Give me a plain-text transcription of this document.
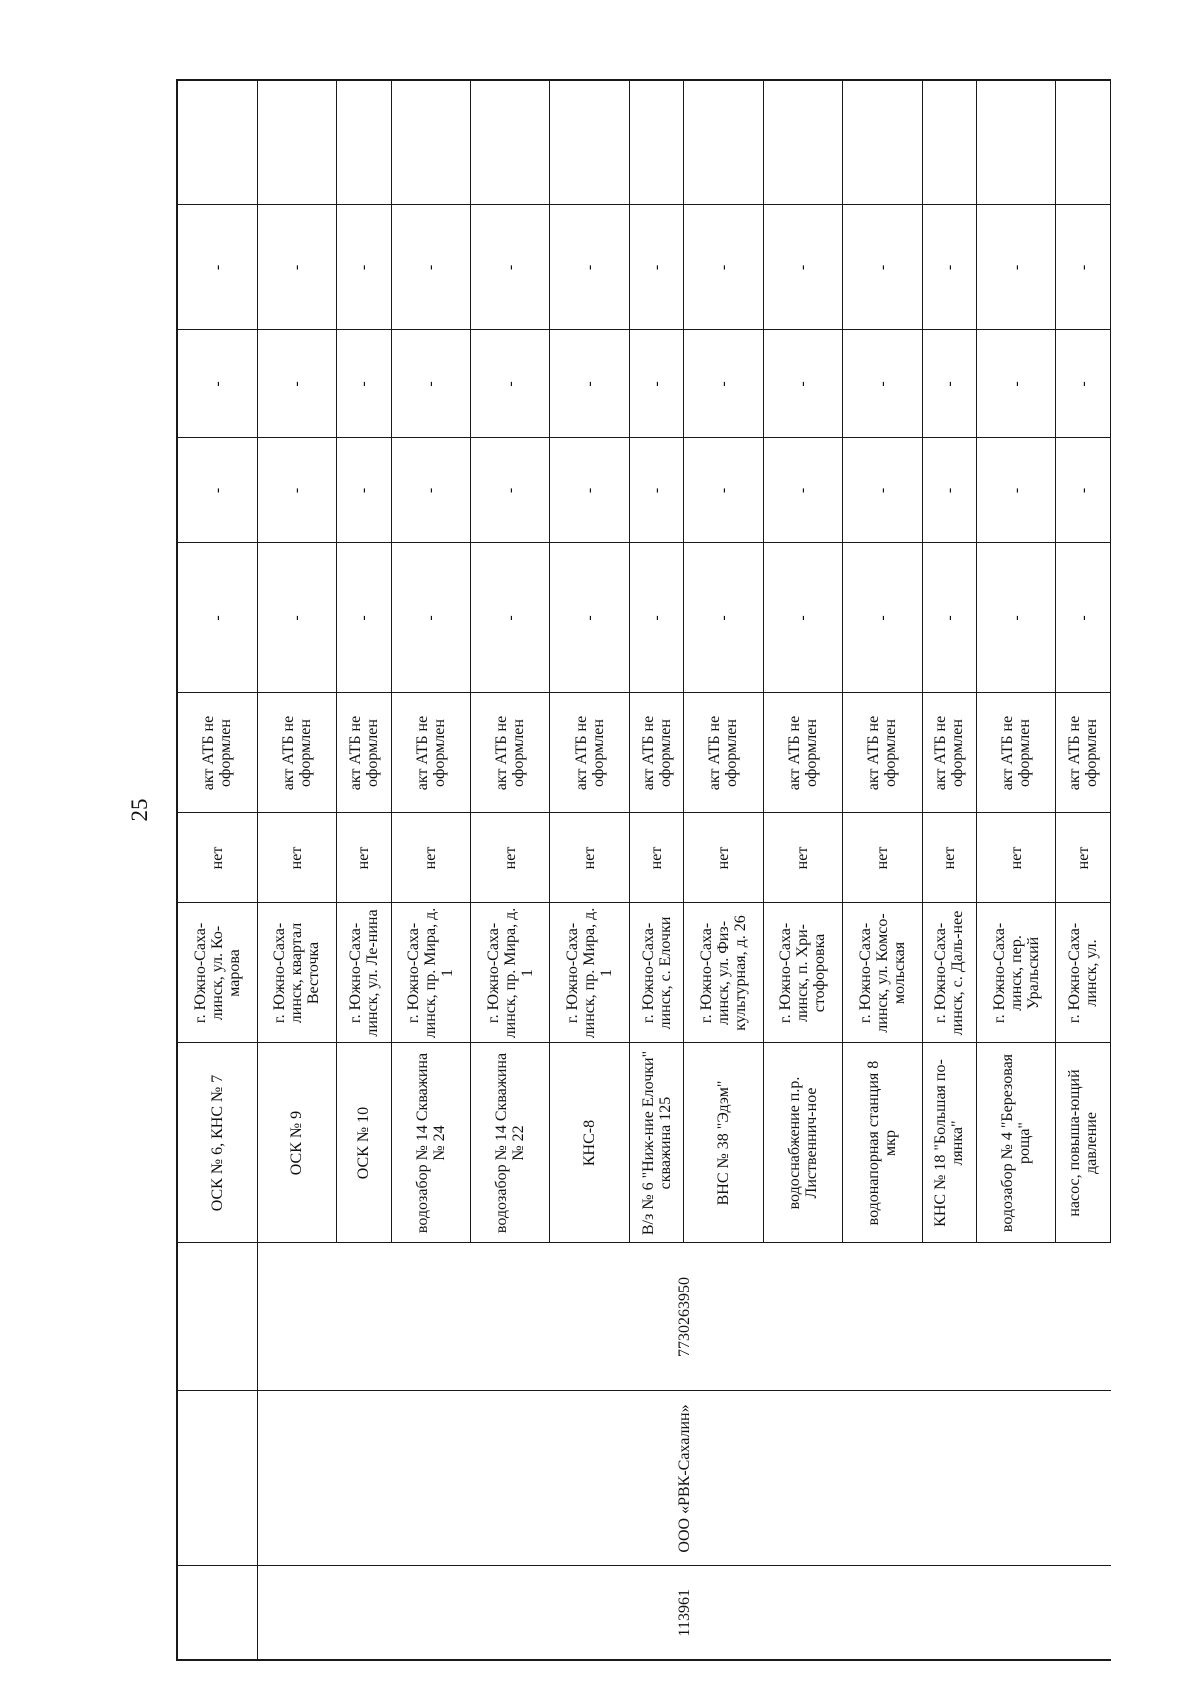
25
			ОСК № 6, КНС № 7	г. Южно-Саха-линск, ул. Ко-марова	нет	акт АТБ не оформлен	-	-	-	-	
113961	ООО «РВК-Сахалин»	7730263950	ОСК № 9	г. Южно-Саха-линск, квартал Весточка	нет	акт АТБ не оформлен	-	-	-	-	
			ОСК № 10	г. Южно-Саха-линск, ул. Ле-нина	нет	акт АТБ не оформлен	-	-	-	-	
			водозабор № 14 Скважина № 24	г. Южно-Саха-линск, пр. Мира, д. 1	нет	акт АТБ не оформлен	-	-	-	-	
			водозабор № 14 Скважина № 22	г. Южно-Саха-линск, пр. Мира, д. 1	нет	акт АТБ не оформлен	-	-	-	-	
			КНС-8	г. Южно-Саха-линск, пр. Мира, д. 1	нет	акт АТБ не оформлен	-	-	-	-	
			В/з № 6 "Ниж-ние Елочки" скважина 125	г. Южно-Саха-линск, с. Елочки	нет	акт АТБ не оформлен	-	-	-	-	
			ВНС № 38 "Эдэм"	г. Южно-Саха-линск, ул. Физ-культурная, д. 26	нет	акт АТБ не оформлен	-	-	-	-	
			водоснабжение п.р. Лиственнич-ное	г. Южно-Саха-линск, п. Хри-стофоровка	нет	акт АТБ не оформлен	-	-	-	-	
			водонапорная станция 8 мкр	г. Южно-Саха-линск, ул. Комсо-мольская	нет	акт АТБ не оформлен	-	-	-	-	
			КНС № 18 "Большая по-лянка"	г. Южно-Саха-линск, с. Даль-нее	нет	акт АТБ не оформлен	-	-	-	-	
			водозабор № 4 "Березовая роща"	г. Южно-Саха-линск, пер. Уральский	нет	акт АТБ не оформлен	-	-	-	-	
			насос, повыша-ющий давление	г. Южно-Саха-линск, ул.	нет	акт АТБ не оформлен	-	-	-	-	
